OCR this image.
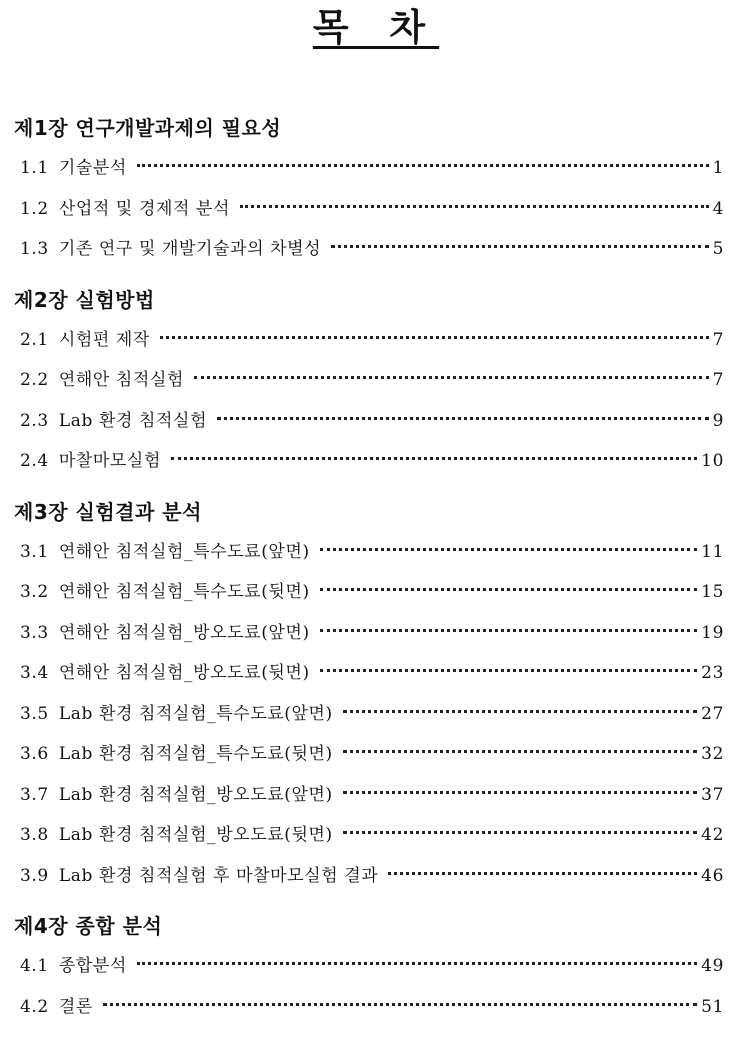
목 차
제1장 연구개발과제의 필요성
1.1 기술분석	1
1.2 산업적 및 경제적 분석	4
1.3 기존 연구 및 개발기술과의 차별성	5
제2장 실험방법
2.1 시험편 제작	7
2.2 연해안 침적실험	7
2.3 Lab 환경 침적실험	9
2.4 마찰마모실험	10
제3장 실험결과 분석
3.1 연해안 침적실험_특수도료(앞면)	11
3.2 연해안 침적실험_특수도료(뒷면)	15
3.3 연해안 침적실험_방오도료(앞면)	19
3.4 연해안 침적실험_방오도료(뒷면)	23
3.5 Lab 환경 침적실험_특수도료(앞면)	27
3.6 Lab 환경 침적실험_특수도료(뒷면)	32
3.7 Lab 환경 침적실험_방오도료(앞면)	37
3.8 Lab 환경 침적실험_방오도료(뒷면)	42
3.9 Lab 환경 침적실험 후 마찰마모실험 결과	46
제4장 종합 분석
4.1 종합분석	49
4.2 결론	51
